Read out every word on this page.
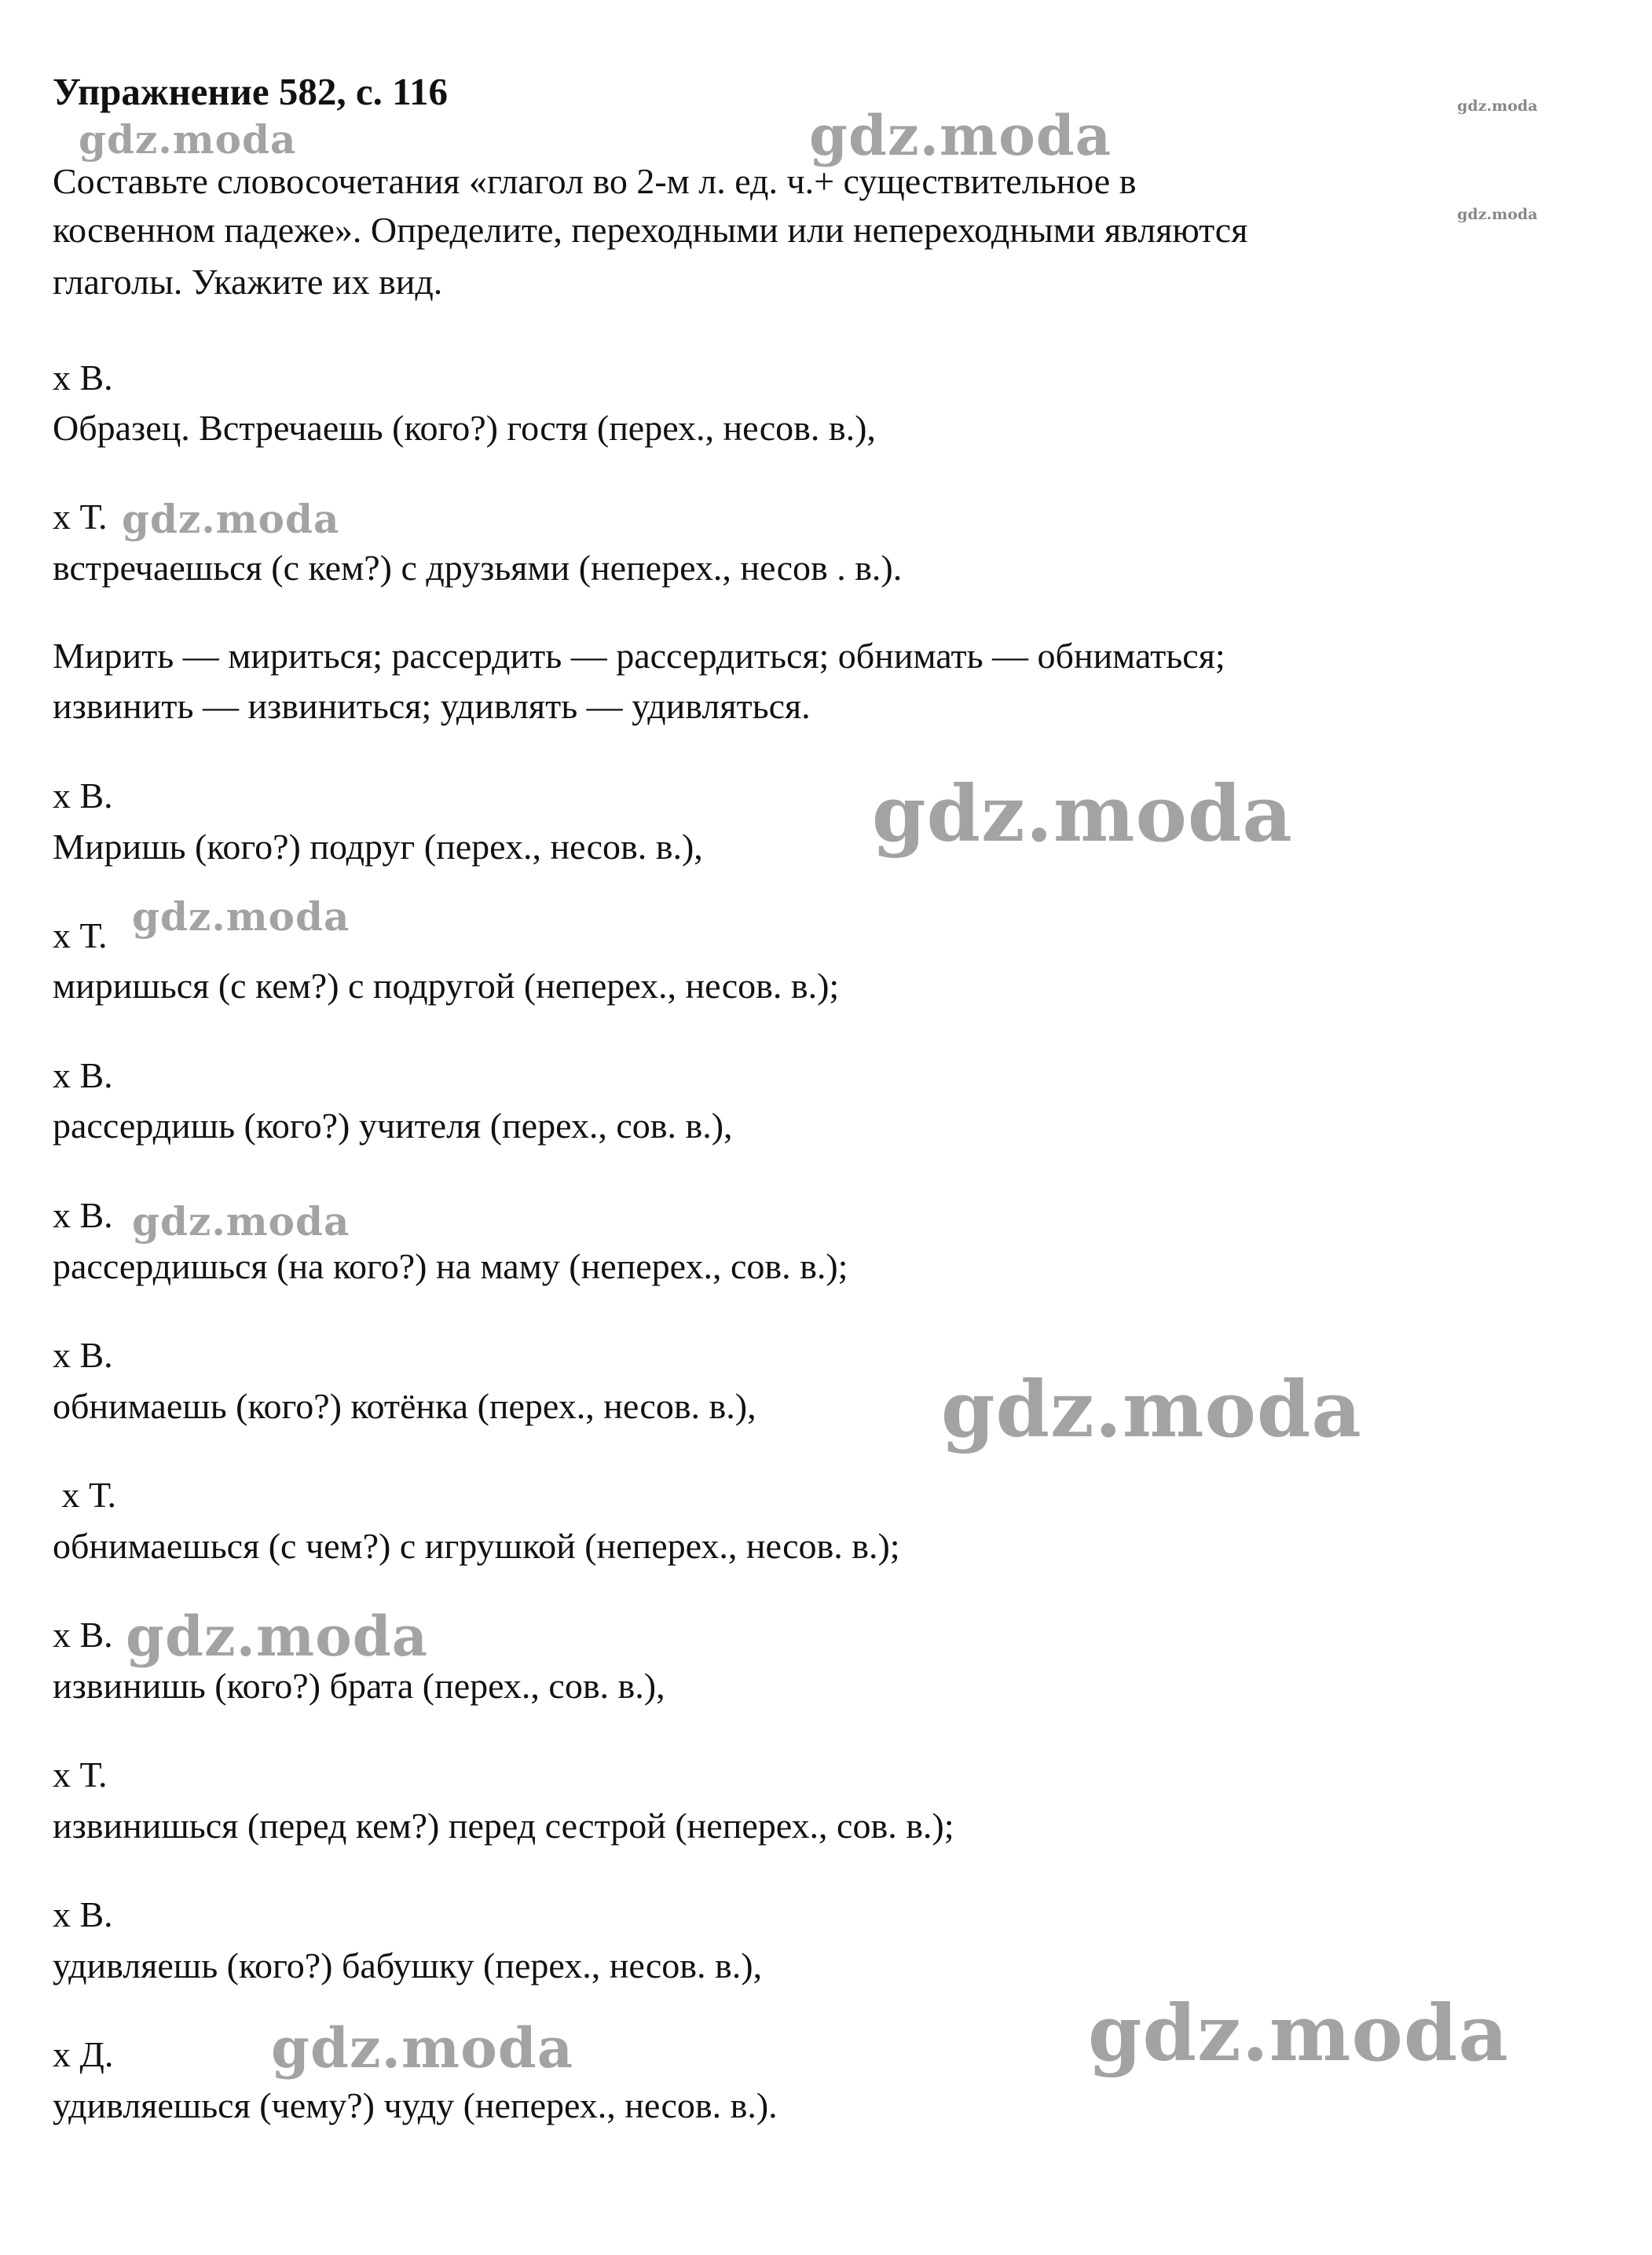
Упражнение 582, с. 116
Составьте словосочетания «глагол во 2-м л. ед. ч.+ существительное в
косвенном падеже». Определите, переходными или непереходными являются
глаголы. Укажите их вид.
х В.
Образец. Встречаешь (кого?) гостя (перех., несов. в.),
х Т.
встречаешься (с кем?) с друзьями (неперех., несов . в.).
Мирить — мириться; рассердить — рассердиться; обнимать — обниматься;
извинить — извиниться; удивлять — удивляться.
х В.
Миришь (кого?) подруг (перех., несов. в.),
х Т.
миришься (с кем?) с подругой (неперех., несов. в.);
х В.
рассердишь (кого?) учителя (перех., сов. в.),
х В.
рассердишься (на кого?) на маму (неперех., сов. в.);
х В.
обнимаешь (кого?) котёнка (перех., несов. в.),
х Т.
обнимаешься (с чем?) с игрушкой (неперех., несов. в.);
х В.
извинишь (кого?) брата (перех., сов. в.),
х Т.
извинишься (перед кем?) перед сестрой (неперех., сов. в.);
х В.
удивляешь (кого?) бабушку (перех., несов. в.),
х Д.
удивляешься (чему?) чуду (неперех., несов. в.).
gdz.moda	gdz.moda	gdz.moda
gdz.moda
gdz.moda
gdz.moda
gdz.moda
gdz.moda
gdz.moda
gdz.moda
gdz.moda	gdz.moda
